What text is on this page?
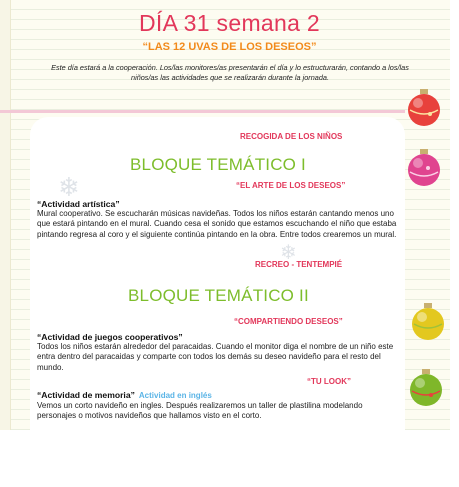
DÍA 31 semana 2
“LAS 12 UVAS DE LOS DESEOS”
Este día estará a la cooperación. Los/las monitores/as presentarán el día y lo estructurarán, contando a los/las niños/as las actividades que se realizarán durante la jornada.
❄
❄
RECOGIDA DE LOS NIÑOS
BLOQUE TEMÁTICO I
“EL ARTE DE LOS DESEOS”
“Actividad artística”
Mural cooperativo. Se escucharán músicas navideñas. Todos los niños estarán cantando menos uno que estará pintando en el mural. Cuando cesa el sonido que estamos escuchando el niño que estaba pintando regresa al coro y el siguiente continúa pintando en la obra. Entre todos crearemos un mural.
RECREO - TENTEMPIÉ
BLOQUE TEMÁTICO II
“COMPARTIENDO DESEOS”
“Actividad de juegos cooperativos”
Todos los niños estarán alrededor del paracaidas. Cuando el monitor diga el nombre de un niño este entra dentro del paracaidas y comparte con todos los demás su deseo navideño para el resto del mundo.
“TU LOOK”
“Actividad de memoria” Actividad en inglés
Vemos un corto navideño en ingles. Después realizaremos un taller de plastilina modelando personajes o motivos navideños que hallamos visto en el corto.
